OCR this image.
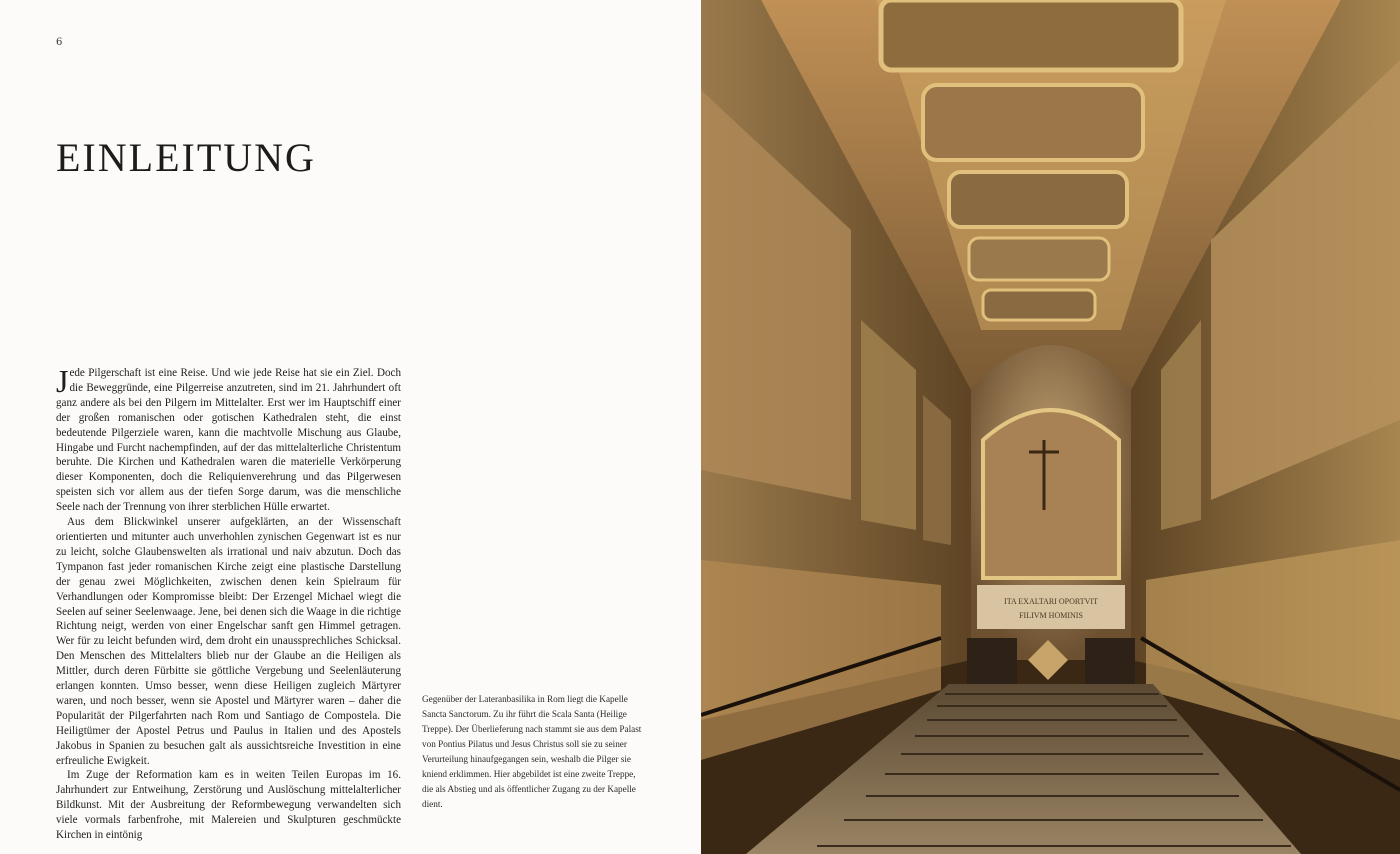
6
EINLEITUNG

Jede Pilgerschaft ist eine Reise. Und wie jede Reise hat sie ein Ziel. Doch die Beweggründe, eine Pilgerreise anzutreten, sind im 21. Jahrhundert oft ganz andere als bei den Pilgern im Mittelalter. Erst wer im Hauptschiff einer der großen romanischen oder gotischen Kathedralen steht, die einst bedeutende Pilgerziele waren, kann die machtvolle Mischung aus Glaube, Hingabe und Furcht nachempfinden, auf der das mittelalterliche Christentum beruhte. Die Kirchen und Kathedralen waren die materielle Verkörperung dieser Komponenten, doch die Reliquienverehrung und das Pilgerwesen speisten sich vor allem aus der tiefen Sorge darum, was die menschliche Seele nach der Trennung von ihrer sterblichen Hülle erwartet.

Aus dem Blickwinkel unserer aufgeklärten, an der Wissenschaft orientierten und mitunter auch unverhohlen zynischen Gegenwart ist es nur zu leicht, solche Glaubenswelten als irrational und naiv abzutun. Doch das Tympanon fast jeder romanischen Kirche zeigt eine plastische Darstellung der genau zwei Möglichkeiten, zwischen denen kein Spielraum für Verhandlungen oder Kompromisse bleibt: Der Erzengel Michael wiegt die Seelen auf seiner Seelenwaage. Jene, bei denen sich die Waage in die richtige Richtung neigt, werden von einer Engelschar sanft gen Himmel getragen. Wer für zu leicht befunden wird, dem droht ein unaussprechliches Schicksal. Den Menschen des Mittelalters blieb nur der Glaube an die Heiligen als Mittler, durch deren Fürbitte sie göttliche Vergebung und Seelenläuterung erlangen konnten. Umso besser, wenn diese Heiligen zugleich Märtyrer waren, und noch besser, wenn sie Apostel und Märtyrer waren – daher die Popularität der Pilgerfahrten nach Rom und Santiago de Compostela. Die Heiligtümer der Apostel Petrus und Paulus in Italien und des Apostels Jakobus in Spanien zu besuchen galt als aussichtsreiche Investition in eine erfreuliche Ewigkeit.

Im Zuge der Reformation kam es in weiten Teilen Europas im 16. Jahrhundert zur Entweihung, Zerstörung und Auslöschung mittelalterlicher Bildkunst. Mit der Ausbreitung der Reformbewegung verwandelten sich viele vormals farbenfrohe, mit Malereien und Skulpturen geschmückte Kirchen in eintönig

Gegenüber der Lateranbasilika in Rom liegt die Kapelle Sancta Sanctorum. Zu ihr führt die Scala Santa (Heilige Treppe). Der Überlieferung nach stammt sie aus dem Palast von Pontius Pilatus und Jesus Christus soll sie zu seiner Verurteilung hinaufgegangen sein, weshalb die Pilger sie kniend erklimmen. Hier abgebildet ist eine zweite Treppe, die als Abstieg und als öffentlicher Zugang zu der Kapelle dient.

ITA EXALTARI OPORTVIT
FILIVM HOMINIS
